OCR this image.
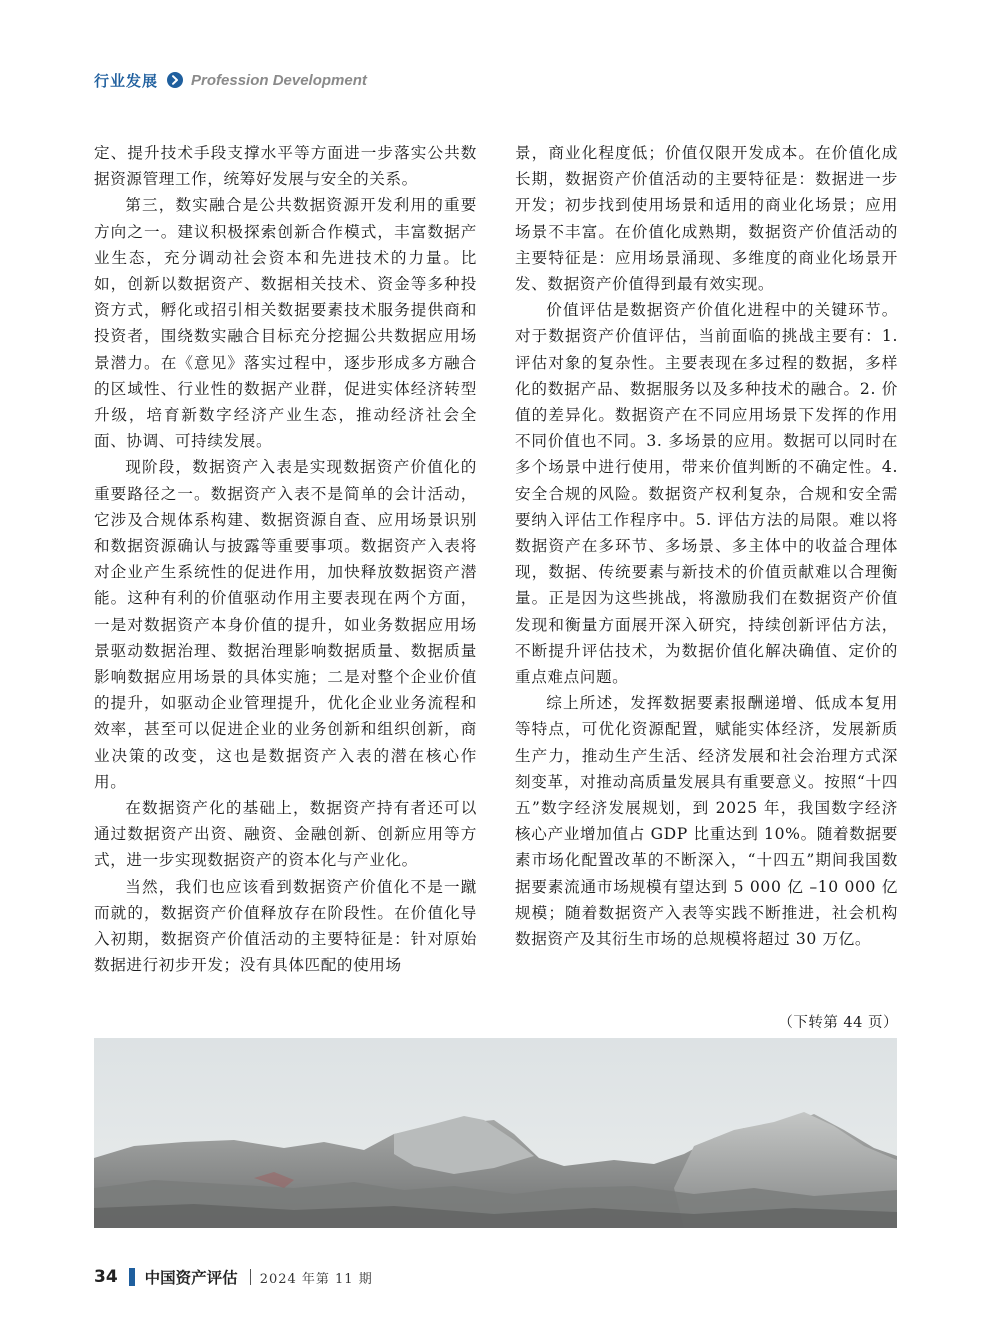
行业发展 Profession Development

定、提升技术手段支撑水平等方面进一步落实公共数据资源管理工作，统筹好发展与安全的关系。

第三，数实融合是公共数据资源开发利用的重要方向之一。建议积极探索创新合作模式，丰富数据产业生态，充分调动社会资本和先进技术的力量。比如，创新以数据资产、数据相关技术、资金等多种投资方式，孵化或招引相关数据要素技术服务提供商和投资者，围绕数实融合目标充分挖掘公共数据应用场景潜力。在《意见》落实过程中，逐步形成多方融合的区域性、行业性的数据产业群，促进实体经济转型升级，培育新数字经济产业生态，推动经济社会全面、协调、可持续发展。

现阶段，数据资产入表是实现数据资产价值化的重要路径之一。数据资产入表不是简单的会计活动，它涉及合规体系构建、数据资源自查、应用场景识别和数据资源确认与披露等重要事项。数据资产入表将对企业产生系统性的促进作用，加快释放数据资产潜能。这种有利的价值驱动作用主要表现在两个方面，一是对数据资产本身价值的提升，如业务数据应用场景驱动数据治理、数据治理影响数据质量、数据质量影响数据应用场景的具体实施；二是对整个企业价值的提升，如驱动企业管理提升，优化企业业务流程和效率，甚至可以促进企业的业务创新和组织创新，商业决策的改变，这也是数据资产入表的潜在核心作用。

在数据资产化的基础上，数据资产持有者还可以通过数据资产出资、融资、金融创新、创新应用等方式，进一步实现数据资产的资本化与产业化。

当然，我们也应该看到数据资产价值化不是一蹴而就的，数据资产价值释放存在阶段性。在价值化导入初期，数据资产价值活动的主要特征是：针对原始数据进行初步开发；没有具体匹配的使用场

景，商业化程度低；价值仅限开发成本。在价值化成长期，数据资产价值活动的主要特征是：数据进一步开发；初步找到使用场景和适用的商业化场景；应用场景不丰富。在价值化成熟期，数据资产价值活动的主要特征是：应用场景涌现、多维度的商业化场景开发、数据资产价值得到最有效实现。

价值评估是数据资产价值化进程中的关键环节。对于数据资产价值评估，当前面临的挑战主要有：1. 评估对象的复杂性。主要表现在多过程的数据，多样化的数据产品、数据服务以及多种技术的融合。2. 价值的差异化。数据资产在不同应用场景下发挥的作用不同价值也不同。3. 多场景的应用。数据可以同时在多个场景中进行使用，带来价值判断的不确定性。4. 安全合规的风险。数据资产权利复杂，合规和安全需要纳入评估工作程序中。5. 评估方法的局限。难以将数据资产在多环节、多场景、多主体中的收益合理体现，数据、传统要素与新技术的价值贡献难以合理衡量。正是因为这些挑战，将激励我们在数据资产价值发现和衡量方面展开深入研究，持续创新评估方法，不断提升评估技术，为数据价值化解决确值、定价的重点难点问题。

综上所述，发挥数据要素报酬递增、低成本复用等特点，可优化资源配置，赋能实体经济，发展新质生产力，推动生产生活、经济发展和社会治理方式深刻变革，对推动高质量发展具有重要意义。按照“十四五”数字经济发展规划，到 2025 年，我国数字经济核心产业增加值占 GDP 比重达到 10%。随着数据要素市场化配置改革的不断深入，“十四五”期间我国数据要素流通市场规模有望达到 5 000 亿 –10 000 亿规模；随着数据资产入表等实践不断推进，社会机构数据资产及其衍生市场的总规模将超过 30 万亿。

（下转第 44 页）
34 中国资产评估 2024 年第 11 期
